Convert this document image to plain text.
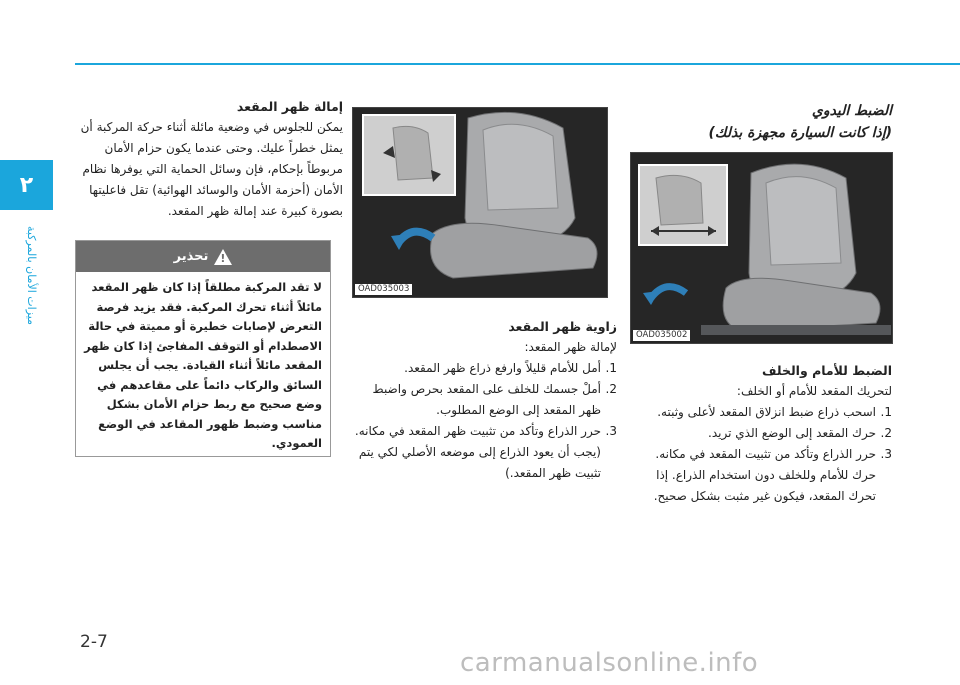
٢
ميزات الأمان بالمركبة
2-7
الضبط اليدوي
(إذا كانت السيارة مجهزة بذلك)
OAD035002
الضبط للأمام والخلف
لتحريك المقعد للأمام أو الخلف:
1.
اسحب ذراع ضبط انزلاق المقعد لأعلى وثبته.
2.
حرك المقعد إلى الوضع الذي تريد.
3.
حرر الذراع وتأكد من تثبيت المقعد في مكانه. حرك للأمام وللخلف دون استخدام الذراع. إذا تحرك المقعد، فيكون غير مثبت بشكل صحيح.
OAD035003
زاوية ظهر المقعد
لإمالة ظهر المقعد:
1.
أمل للأمام قليلاً وارفع ذراع ظهر المقعد.
2.
أملْ جسمك للخلف على المقعد بحرص واضبط ظهر المقعد إلى الوضع المطلوب.
3.
حرر الذراع وتأكد من تثبيت ظهر المقعد في مكانه. (يجب أن يعود الذراع إلى موضعه الأصلي لكي يتم تثبيت ظهر المقعد.)
إمالة ظهر المقعد
يمكن للجلوس في وضعية مائلة أثناء حركة المركبة أن يمثل خطراً عليك. وحتى عندما يكون حزام الأمان مربوطاً بإحكام، فإن وسائل الحماية التي يوفرها نظام الأمان (أحزمة الأمان والوسائد الهوائية) تقل فاعليتها بصورة كبيرة عند إمالة ظهر المقعد.
!
تحذير
لا تقد المركبة مطلقاً إذا كان ظهر المقعد مائلاً أثناء تحرك المركبة. فقد يزيد فرصة التعرض لإصابات خطيرة أو مميتة في حالة الاصطدام أو التوقف المفاجئ إذا كان ظهر المقعد مائلاً أثناء القيادة. يجب أن يجلس السائق والركاب دائماً على مقاعدهم في وضع صحيح مع ربط حزام الأمان بشكل مناسب وضبط ظهور المقاعد في الوضع العمودي.
carmanualsonline.info
